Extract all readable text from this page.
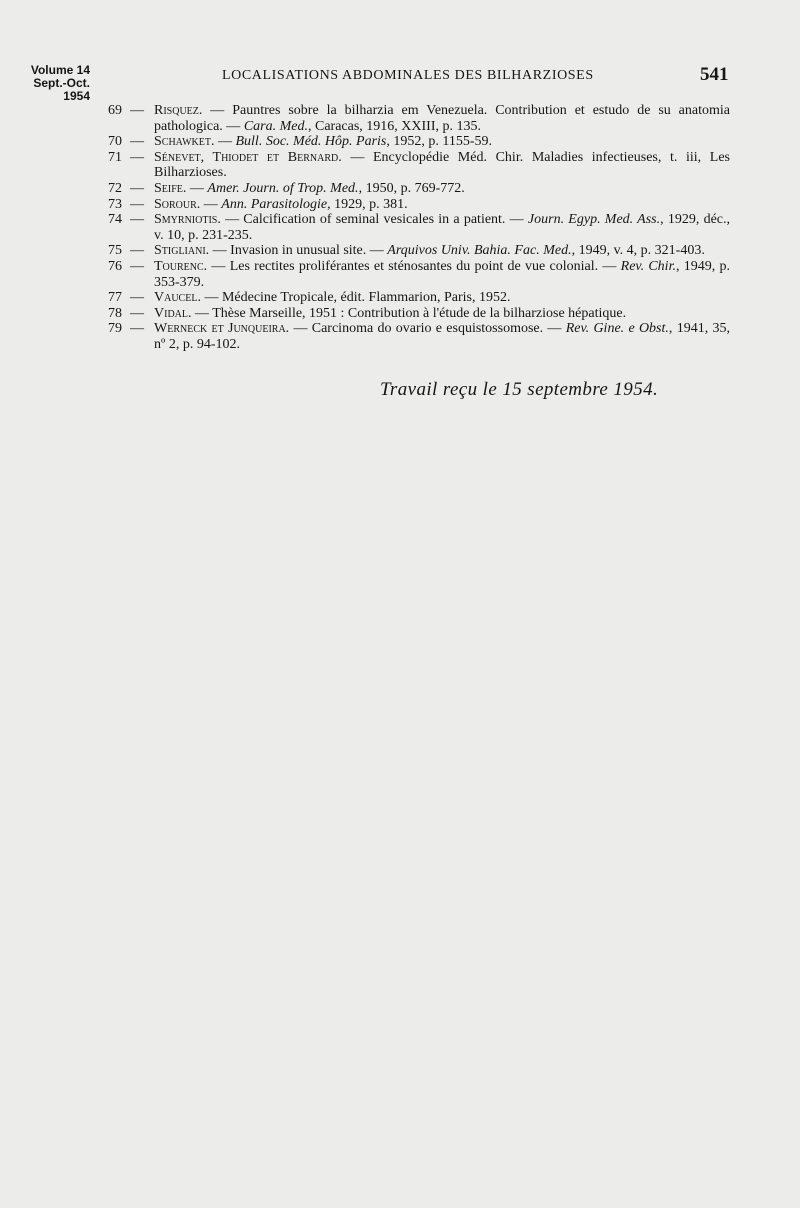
Volume 14
Sept.-Oct. 1954
LOCALISATIONS ABDOMINALES DES BILHARZIOSES	541
69 — Risquez. — Pauntres sobre la bilharzia em Venezuela. Contribution et estudo de su anatomia pathologica. — Cara. Med., Caracas, 1916, XXIII, p. 135.
70 — Schawket. — Bull. Soc. Méd. Hôp. Paris, 1952, p. 1155-59.
71 — Sénevet, Thiodet et Bernard. — Encyclopédie Méd. Chir. Maladies infectieuses, t. iii, Les Bilharzioses.
72 — Seife. — Amer. Journ. of Trop. Med., 1950, p. 769-772.
73 — Sorour. — Ann. Parasitologie, 1929, p. 381.
74 — Smyrniotis. — Calcification of seminal vesicales in a patient. — Journ. Egyp. Med. Ass., 1929, déc., v. 10, p. 231-235.
75 — Stigliani. — Invasion in unusual site. — Arquivos Univ. Bahia. Fac. Med., 1949, v. 4, p. 321-403.
76 — Tourenc. — Les rectites proliférantes et sténosantes du point de vue colonial. — Rev. Chir., 1949, p. 353-379.
77 — Vaucel. — Médecine Tropicale, édit. Flammarion, Paris, 1952.
78 — Vidal. — Thèse Marseille, 1951 : Contribution à l'étude de la bilharziose hépatique.
79 — Werneck et Junqueira. — Carcinoma do ovario e esquistossomose. — Rev. Gine. e Obst., 1941, 35, nº 2, p. 94-102.
Travail reçu le 15 septembre 1954.
